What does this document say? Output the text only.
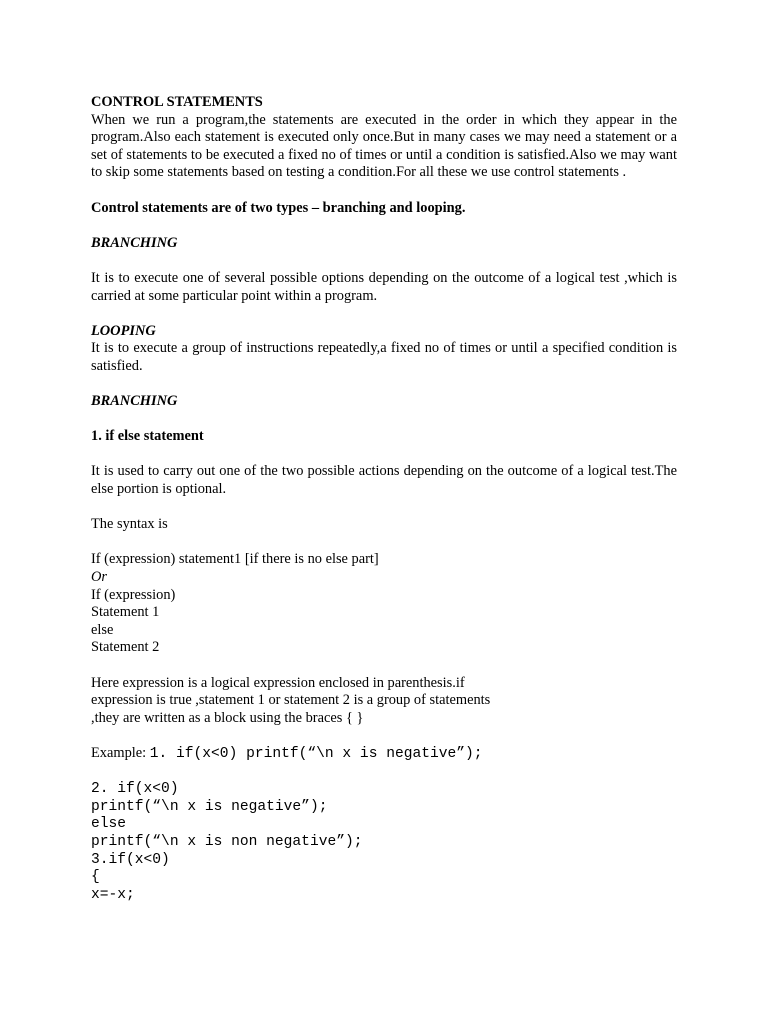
CONTROL STATEMENTS

When we run a program,the statements are executed in the order in which they appear in the program.Also each statement is executed only once.But in many cases we may need a statement or a set of statements to be executed a fixed no of times or until a condition is satisfied.Also we may want to skip some statements based on testing a condition.For all these we use control statements .

Control statements are of two types – branching and looping.

BRANCHING

It is to execute one of several possible options depending on the outcome of a logical test ,which is carried at some particular point within a program.

LOOPING

It is to execute a group of instructions repeatedly,a fixed no of times or until a specified condition is satisfied.

BRANCHING

1. if else statement

It is used to carry out one of the two possible actions depending on the outcome of a logical test.The else portion is optional.

The syntax is

If (expression) statement1 [if there is no else part]

Or

If (expression)

Statement 1

else

Statement 2

Here expression is a logical expression enclosed in parenthesis.if

expression is true ,statement 1 or statement 2 is a group of statements

,they are written as a block using the braces { }

Example: 1. if(x<0) printf(“\n x is negative”);

2. if(x<0)

printf(“\n x is negative”);

else

printf(“\n x is non negative”);

3.if(x<0)

{

x=-x;
